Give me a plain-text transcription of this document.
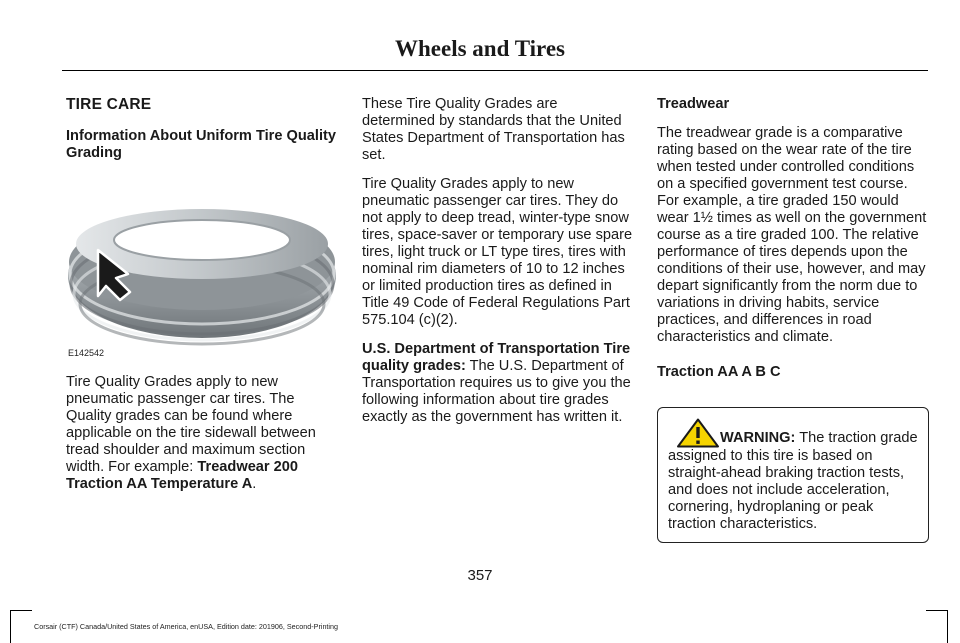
Wheels and Tires
TIRE CARE
Information About Uniform Tire Quality Grading
E142542

Tire Quality Grades apply to new pneumatic passenger car tires. The Quality grades can be found where applicable on the tire sidewall between tread shoulder and maximum section width. For example: Treadwear 200 Traction AA Temperature A.

These Tire Quality Grades are determined by standards that the United States Department of Transportation has set.

Tire Quality Grades apply to new pneumatic passenger car tires. They do not apply to deep tread, winter-type snow tires, space-saver or temporary use spare tires, light truck or LT type tires, tires with nominal rim diameters of 10 to 12 inches or limited production tires as defined in Title 49 Code of Federal Regulations Part 575.104 (c)(2).

U.S. Department of Transportation Tire quality grades: The U.S. Department of Transportation requires us to give you the following information about tire grades exactly as the government has written it.

Treadwear

The treadwear grade is a comparative rating based on the wear rate of the tire when tested under controlled conditions on a specified government test course. For example, a tire graded 150 would wear 1½ times as well on the government course as a tire graded 100. The relative performance of tires depends upon the conditions of their use, however, and may depart significantly from the norm due to variations in driving habits, service practices, and differences in road characteristics and climate.

Traction AA A B C
WARNING: The traction grade assigned to this tire is based on straight-ahead braking traction tests, and does not include acceleration, cornering, hydroplaning or peak traction characteristics.
357
Corsair (CTF) Canada/United States of America, enUSA, Edition date: 201906, Second-Printing
